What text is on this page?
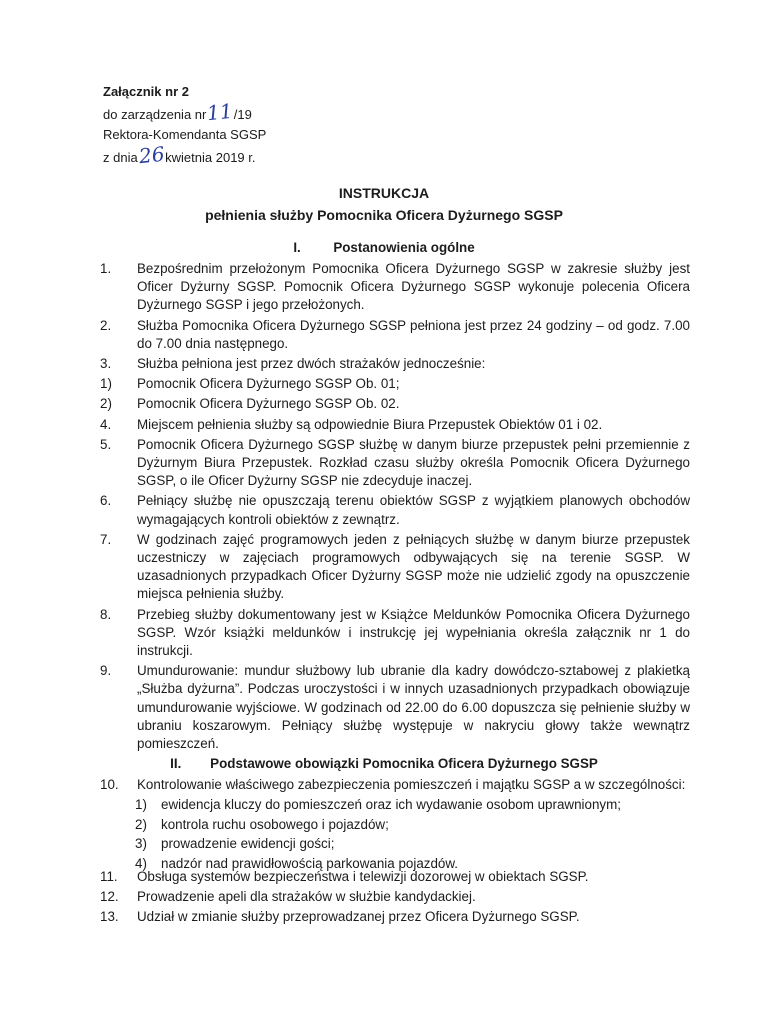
Załącznik nr 2
do zarządzenia nr11/19
Rektora-Komendanta SGSP
z dnia26kwietnia 2019 r.
INSTRUKCJA
pełnienia służby Pomocnika Oficera Dyżurnego SGSP
I. Postanowienia ogólne
1.	Bezpośrednim przełożonym Pomocnika Oficera Dyżurnego SGSP w zakresie służby jest Oficer Dyżurny SGSP. Pomocnik Oficera Dyżurnego SGSP wykonuje polecenia Oficera Dyżurnego SGSP i jego przełożonych.
2.	Służba Pomocnika Oficera Dyżurnego SGSP pełniona jest przez 24 godziny – od godz. 7.00 do 7.00 dnia następnego.
3.	Służba pełniona jest przez dwóch strażaków jednocześnie:
1)	Pomocnik Oficera Dyżurnego SGSP Ob. 01;
2)	Pomocnik Oficera Dyżurnego SGSP Ob. 02.
4.	Miejscem pełnienia służby są odpowiednie Biura Przepustek Obiektów 01 i 02.
5.	Pomocnik Oficera Dyżurnego SGSP służbę w danym biurze przepustek pełni przemiennie z Dyżurnym Biura Przepustek. Rozkład czasu służby określa Pomocnik Oficera Dyżurnego SGSP, o ile Oficer Dyżurny SGSP nie zdecyduje inaczej.
6.	Pełniący służbę nie opuszczają terenu obiektów SGSP z wyjątkiem planowych obchodów wymagających kontroli obiektów z zewnątrz.
7.	W godzinach zajęć programowych jeden z pełniących służbę w danym biurze przepustek uczestniczy w zajęciach programowych odbywających się na terenie SGSP. W uzasadnionych przypadkach Oficer Dyżurny SGSP może nie udzielić zgody na opuszczenie miejsca pełnienia służby.
8.	Przebieg służby dokumentowany jest w Książce Meldunków Pomocnika Oficera Dyżurnego SGSP. Wzór książki meldunków i instrukcję jej wypełniania określa załącznik nr 1 do instrukcji.
9.	Umundurowanie: mundur służbowy lub ubranie dla kadry dowódczo-sztabowej z plakietką „Służba dyżurna”. Podczas uroczystości i w innych uzasadnionych przypadkach obowiązuje umundurowanie wyjściowe. W godzinach od 22.00 do 6.00 dopuszcza się pełnienie służby w ubraniu koszarowym. Pełniący służbę występuje w nakryciu głowy także wewnątrz pomieszczeń.
II. Podstawowe obowiązki Pomocnika Oficera Dyżurnego SGSP
10.	Kontrolowanie właściwego zabezpieczenia pomieszczeń i majątku SGSP a w szczególności:
1)	ewidencja kluczy do pomieszczeń oraz ich wydawanie osobom uprawnionym;
2)	kontrola ruchu osobowego i pojazdów;
3)	prowadzenie ewidencji gości;
4)	nadzór nad prawidłowością parkowania pojazdów.
11.	Obsługa systemów bezpieczeństwa i telewizji dozorowej w obiektach SGSP.
12.	Prowadzenie apeli dla strażaków w służbie kandydackiej.
13.	Udział w zmianie służby przeprowadzanej przez Oficera Dyżurnego SGSP.
